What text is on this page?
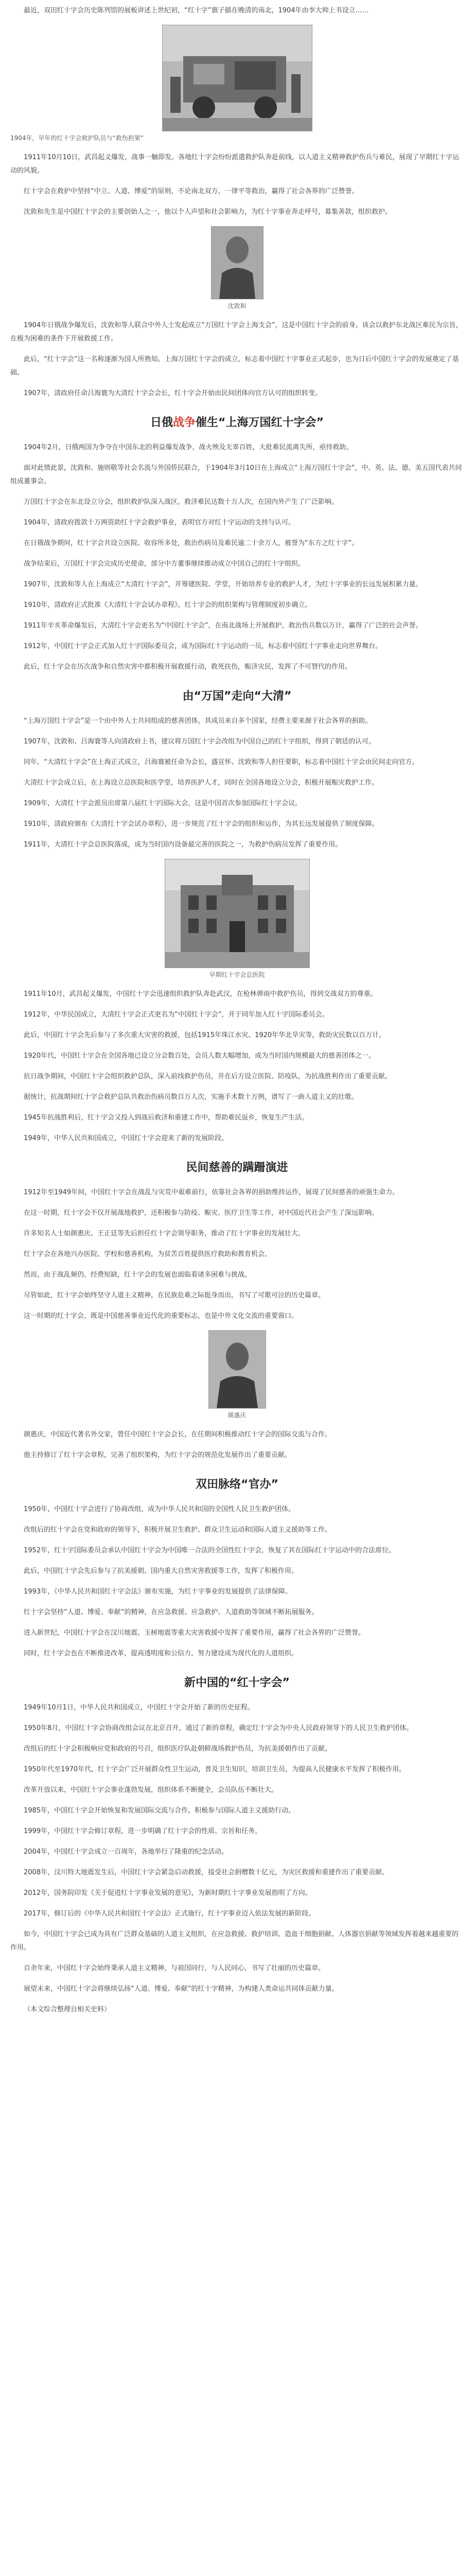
最近，双田红十字会历史陈列馆的展板讲述上世纪初，“红十字”旗子插在晚清的南北，1904年由李大帅上书设立……

1904年，早年的红十字会救护队员与“救伤担架”

1911年10月10日，武昌起义爆发，战事一触即发。各地红十字会纷纷派遣救护队奔赴前线，以人道主义精神救护伤兵与难民，展现了早期红十字运动的风貌。

红十字会在救护中坚持“中立、人道、博爱”的原则，不论南北双方，一律平等救治，赢得了社会各界的广泛赞誉。

沈敦和先生是中国红十字会的主要创始人之一，他以个人声望和社会影响力，为红十字事业奔走呼号，募集善款，组织救护。

沈敦和

1904年日俄战争爆发后，沈敦和等人联合中外人士发起成立“万国红十字会上海支会”，这是中国红十字会的前身。该会以救护东北战区难民为宗旨，在极为困难的条件下开展救援工作。

此后，“红十字会”这一名称逐渐为国人所熟知。上海万国红十字会的成立，标志着中国红十字事业正式起步，也为日后中国红十字会的发展奠定了基础。

1907年，清政府任命吕海寰为大清红十字会会长，红十字会开始由民间团体向官方认可的组织转变。

日俄战争催生“上海万国红十字会”

1904年2月，日俄两国为争夺在中国东北的利益爆发战争，战火殃及无辜百姓，大批难民流离失所，亟待救助。

面对此情此景，沈敦和、施则敬等社会名流与外国侨民联合，于1904年3月10日在上海成立“上海万国红十字会”，中、英、法、德、美五国代表共同组成董事会。

万国红十字会在东北设立分会，组织救护队深入战区，救济难民达数十万人次，在国内外产生了广泛影响。

1904年，清政府拨款十万两资助红十字会救护事业，表明官方对红十字运动的支持与认可。

在日俄战争期间，红十字会共设立医院、收容所多处，救治伤病员及难民逾二十余万人，被誉为“东方之红十字”。

战争结束后，万国红十字会完成历史使命，部分中方董事继续推动成立中国自己的红十字组织。

1907年，沈敦和等人在上海成立“大清红十字会”，并筹建医院、学堂，开始培养专业的救护人才，为红十字事业的长远发展积累力量。

1910年，清政府正式批准《大清红十字会试办章程》，红十字会的组织架构与管理制度初步确立。

1911年辛亥革命爆发后，大清红十字会更名为“中国红十字会”，在南北战场上开展救护，救治伤兵数以万计，赢得了广泛的社会声誉。

1912年，中国红十字会正式加入红十字国际委员会，成为国际红十字运动的一员，标志着中国红十字事业走向世界舞台。

此后，红十字会在历次战争和自然灾害中都积极开展救援行动，救死扶伤，赈济灾民，发挥了不可替代的作用。

由“万国”走向“大清”

“上海万国红十字会”是一个由中外人士共同组成的慈善团体，其成员来自多个国家，经费主要来源于社会各界的捐助。

1907年，沈敦和、吕海寰等人向清政府上书，建议将万国红十字会改组为中国自己的红十字组织，得到了朝廷的认可。

同年，“大清红十字会”在上海正式成立，吕海寰被任命为会长，盛宣怀、沈敦和等人担任要职，标志着中国红十字会由民间走向官方。

大清红十字会成立后，在上海设立总医院和医学堂，培养医护人才，同时在全国各地设立分会，积极开展赈灾救护工作。

1909年，大清红十字会派员出席第八届红十字国际大会，这是中国首次参加国际红十字会议。

1910年，清政府颁布《大清红十字会试办章程》，进一步规范了红十字会的组织和运作，为其长远发展提供了制度保障。

1911年，大清红十字会总医院落成，成为当时国内设备最完善的医院之一，为救护伤病员发挥了重要作用。

早期红十字会总医院

1911年10月，武昌起义爆发，中国红十字会迅速组织救护队奔赴武汉，在枪林弹雨中救护伤员，得到交战双方的尊重。

1912年，中华民国成立，大清红十字会正式更名为“中国红十字会”，并于同年加入红十字国际委员会。

此后，中国红十字会先后参与了多次重大灾害的救援，包括1915年珠江水灾、1920年华北旱灾等，救助灾民数以百万计。

1920年代，中国红十字会在全国各地已设立分会数百处，会员人数大幅增加，成为当时国内规模最大的慈善团体之一。

抗日战争期间，中国红十字会组织救护总队，深入前线救护伤员，并在后方设立医院、防疫队，为抗战胜利作出了重要贡献。

据统计，抗战期间红十字会救护总队共救治伤病员数百万人次，实施手术数十万例，谱写了一曲人道主义的壮歌。

1945年抗战胜利后，红十字会又投入到战后救济和重建工作中，帮助难民返乡，恢复生产生活。

1949年，中华人民共和国成立，中国红十字会迎来了新的发展阶段。

民间慈善的蹒跚演进

1912年至1949年间，中国红十字会在战乱与灾荒中艰难前行，依靠社会各界的捐助维持运作，展现了民间慈善的顽强生命力。

在这一时期，红十字会不仅开展战地救护，还积极参与防疫、赈灾、医疗卫生等工作，对中国近代社会产生了深远影响。

许多知名人士如颜惠庆、王正廷等先后担任红十字会领导职务，推动了红十字事业的发展壮大。

红十字会在各地兴办医院、学校和慈善机构，为贫苦百姓提供医疗救助和教育机会。

然而，由于战乱频仍、经费短缺，红十字会的发展也面临着诸多困难与挑战。

尽管如此，红十字会始终坚守人道主义精神，在民族危难之际挺身而出，书写了可歌可泣的历史篇章。

这一时期的红十字会，既是中国慈善事业近代化的重要标志，也是中外文化交流的重要窗口。

颜惠庆

颜惠庆，中国近代著名外交家，曾任中国红十字会会长，在任期间积极推动红十字会的国际交流与合作。

他主持修订了红十字会章程，完善了组织架构，为红十字会的规范化发展作出了重要贡献。

双田脉络“官办”

1950年，中国红十字会进行了协商改组，成为中华人民共和国的全国性人民卫生救护团体。

改组后的红十字会在党和政府的领导下，积极开展卫生救护、群众卫生运动和国际人道主义援助等工作。

1952年，红十字国际委员会承认中国红十字会为中国唯一合法的全国性红十字会，恢复了其在国际红十字运动中的合法席位。

此后，中国红十字会先后参与了抗美援朝、国内重大自然灾害救援等工作，发挥了积极作用。

1993年，《中华人民共和国红十字会法》颁布实施，为红十字事业的发展提供了法律保障。

红十字会坚持“人道、博爱、奉献”的精神，在应急救援、应急救护、人道救助等领域不断拓展服务。

进入新世纪，中国红十字会在汶川地震、玉树地震等重大灾害救援中发挥了重要作用，赢得了社会各界的广泛赞誉。

同时，红十字会也在不断推进改革，提高透明度和公信力，努力建设成为现代化的人道组织。

新中国的“红十字会”

1949年10月1日，中华人民共和国成立，中国红十字会开始了新的历史征程。

1950年8月，中国红十字会协商改组会议在北京召开，通过了新的章程，确定红十字会为中央人民政府领导下的人民卫生救护团体。

改组后的红十字会积极响应党和政府的号召，组织医疗队赴朝鲜战场救护伤员，为抗美援朝作出了贡献。

1950年代至1970年代，红十字会广泛开展群众性卫生运动，普及卫生知识，培训卫生员，为提高人民健康水平发挥了积极作用。

改革开放以来，中国红十字会事业蓬勃发展，组织体系不断健全，会员队伍不断壮大。

1985年，中国红十字会开始恢复和发展国际交流与合作，积极参与国际人道主义援助行动。

1999年，中国红十字会修订章程，进一步明确了红十字会的性质、宗旨和任务。

2004年，中国红十字会成立一百周年，各地举行了隆重的纪念活动。

2008年，汶川特大地震发生后，中国红十字会紧急启动救援，接受社会捐赠数十亿元，为灾区救援和重建作出了重要贡献。

2012年，国务院印发《关于促进红十字事业发展的意见》，为新时期红十字事业发展指明了方向。

2017年，修订后的《中华人民共和国红十字会法》正式施行，红十字事业迈入依法发展的新阶段。

如今，中国红十字会已成为具有广泛群众基础的人道主义组织，在应急救援、救护培训、造血干细胞捐献、人体器官捐献等领域发挥着越来越重要的作用。

百余年来，中国红十字会始终秉承人道主义精神，与祖国同行，与人民同心，书写了壮丽的历史篇章。

展望未来，中国红十字会将继续弘扬“人道、博爱、奉献”的红十字精神，为构建人类命运共同体贡献力量。

（本文综合整理自相关史料）
